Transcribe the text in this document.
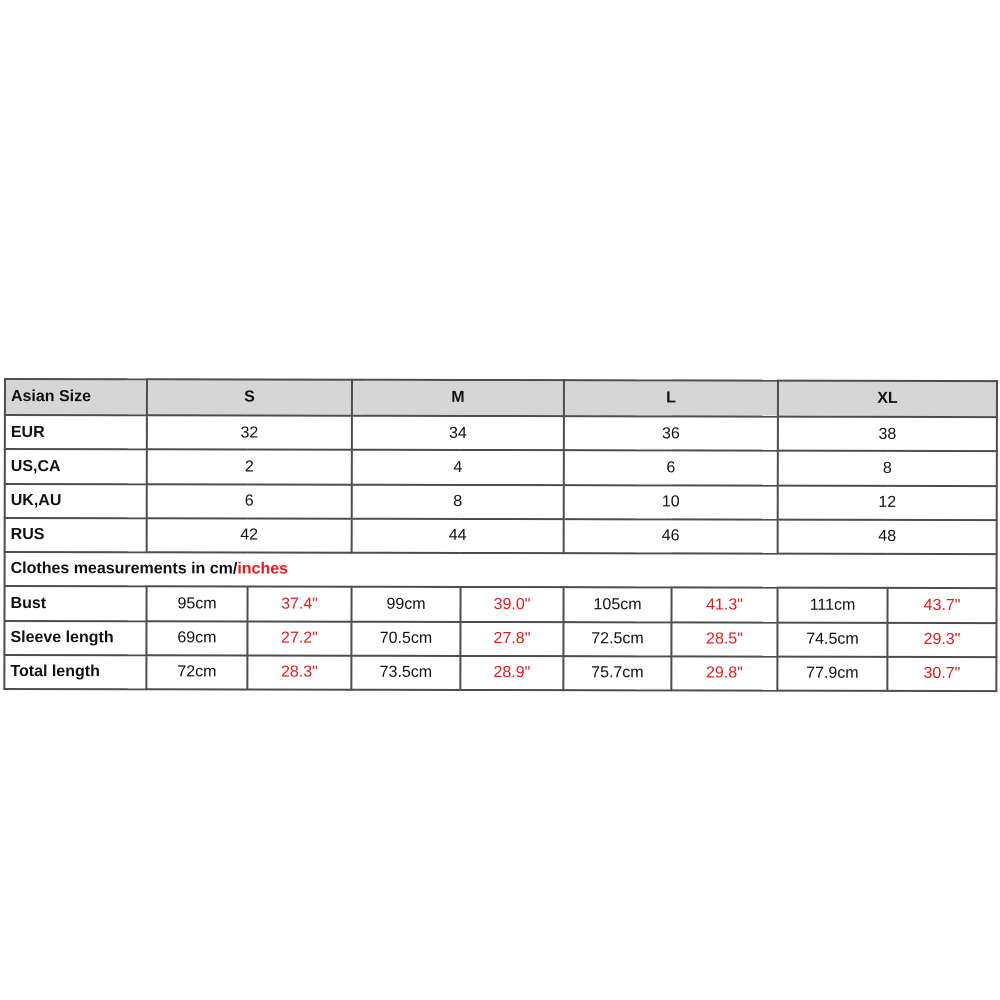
Asian Size	S		M		L		XL	
EUR	32		34		36		38	
US,CA	2		4		6		8	
UK,AU	6		8		10		12	
RUS	42		44		46		48	
Clothes measurements in cm/inches								
Bust	95cm	37.4"	99cm	39.0"	105cm	41.3"	111cm	43.7"
Sleeve length	69cm	27.2"	70.5cm	27.8"	72.5cm	28.5"	74.5cm	29.3"
Total length	72cm	28.3"	73.5cm	28.9"	75.7cm	29.8"	77.9cm	30.7"
